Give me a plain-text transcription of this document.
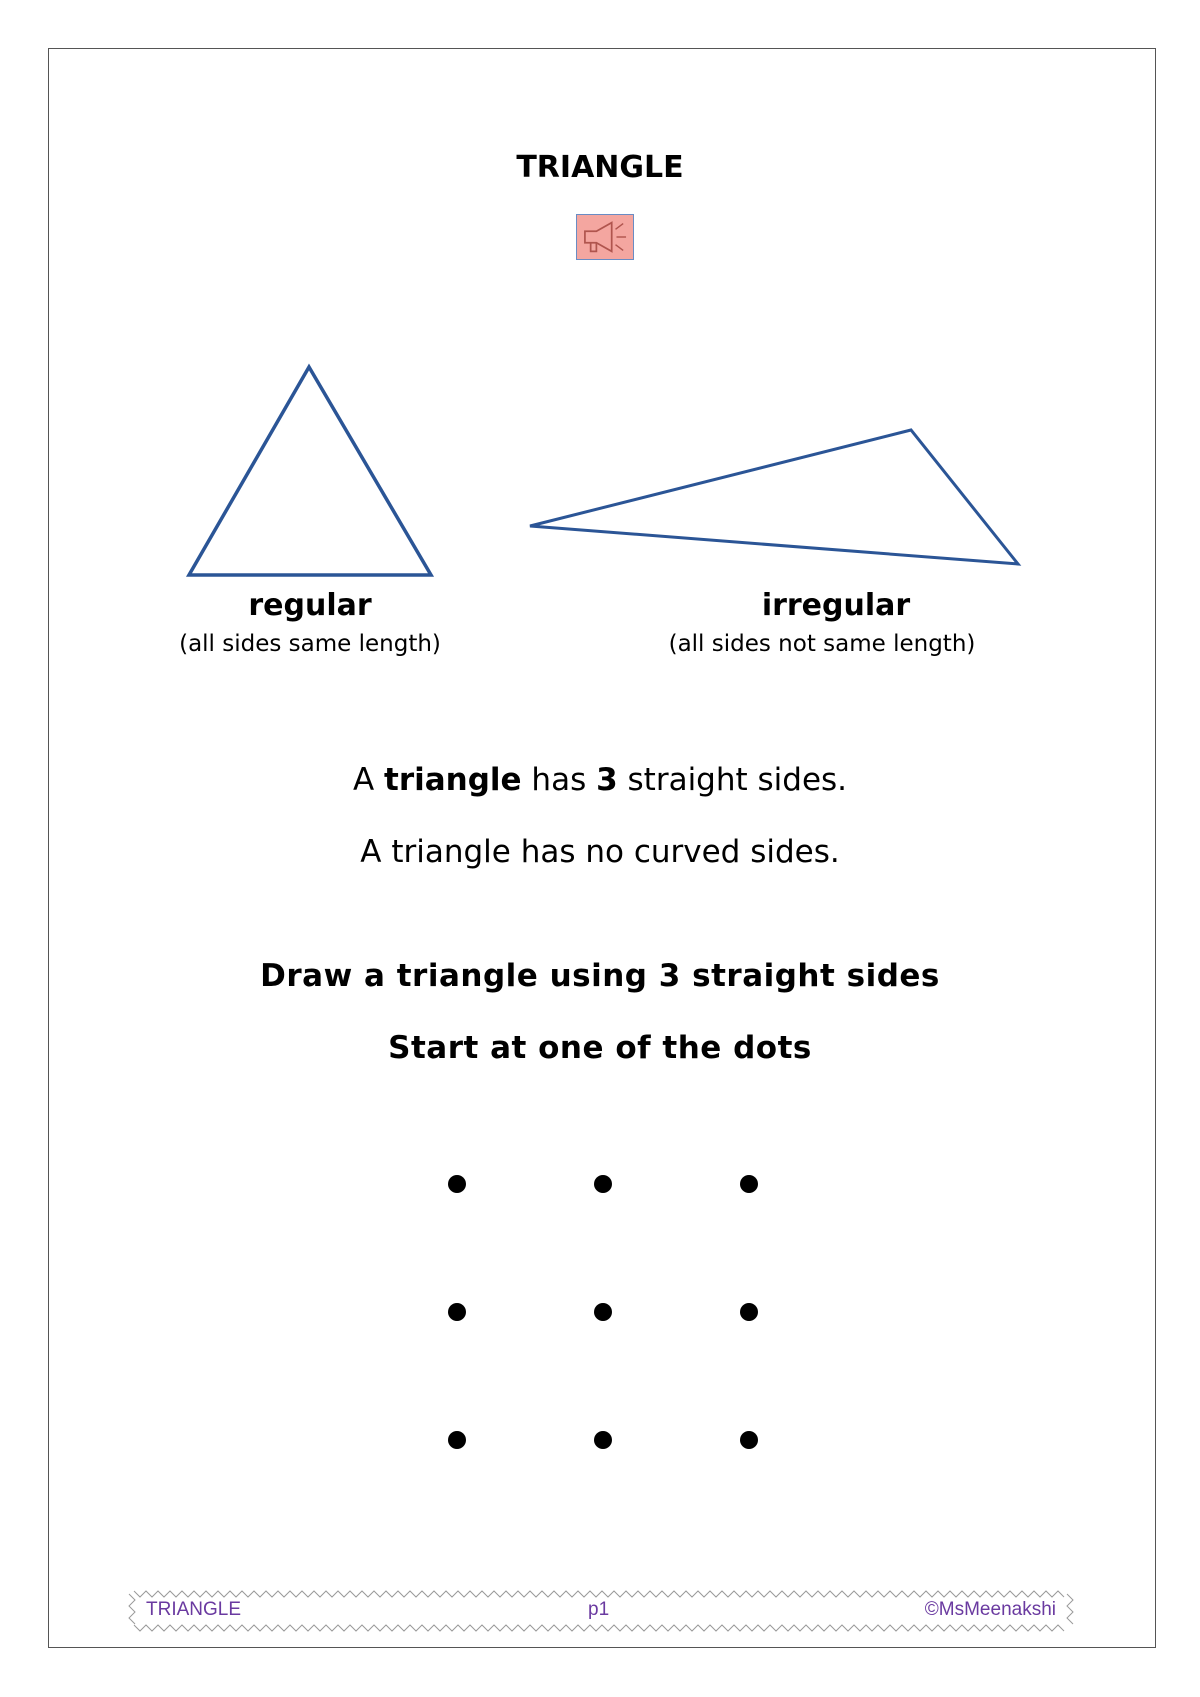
TRIANGLE
regular
(all sides same length)
irregular
(all sides not same length)
A triangle has 3 straight sides.
A triangle has no curved sides.
Draw a triangle using 3 straight sides
Start at one of the dots
TRIANGLE	p1	©MsMeenakshi
